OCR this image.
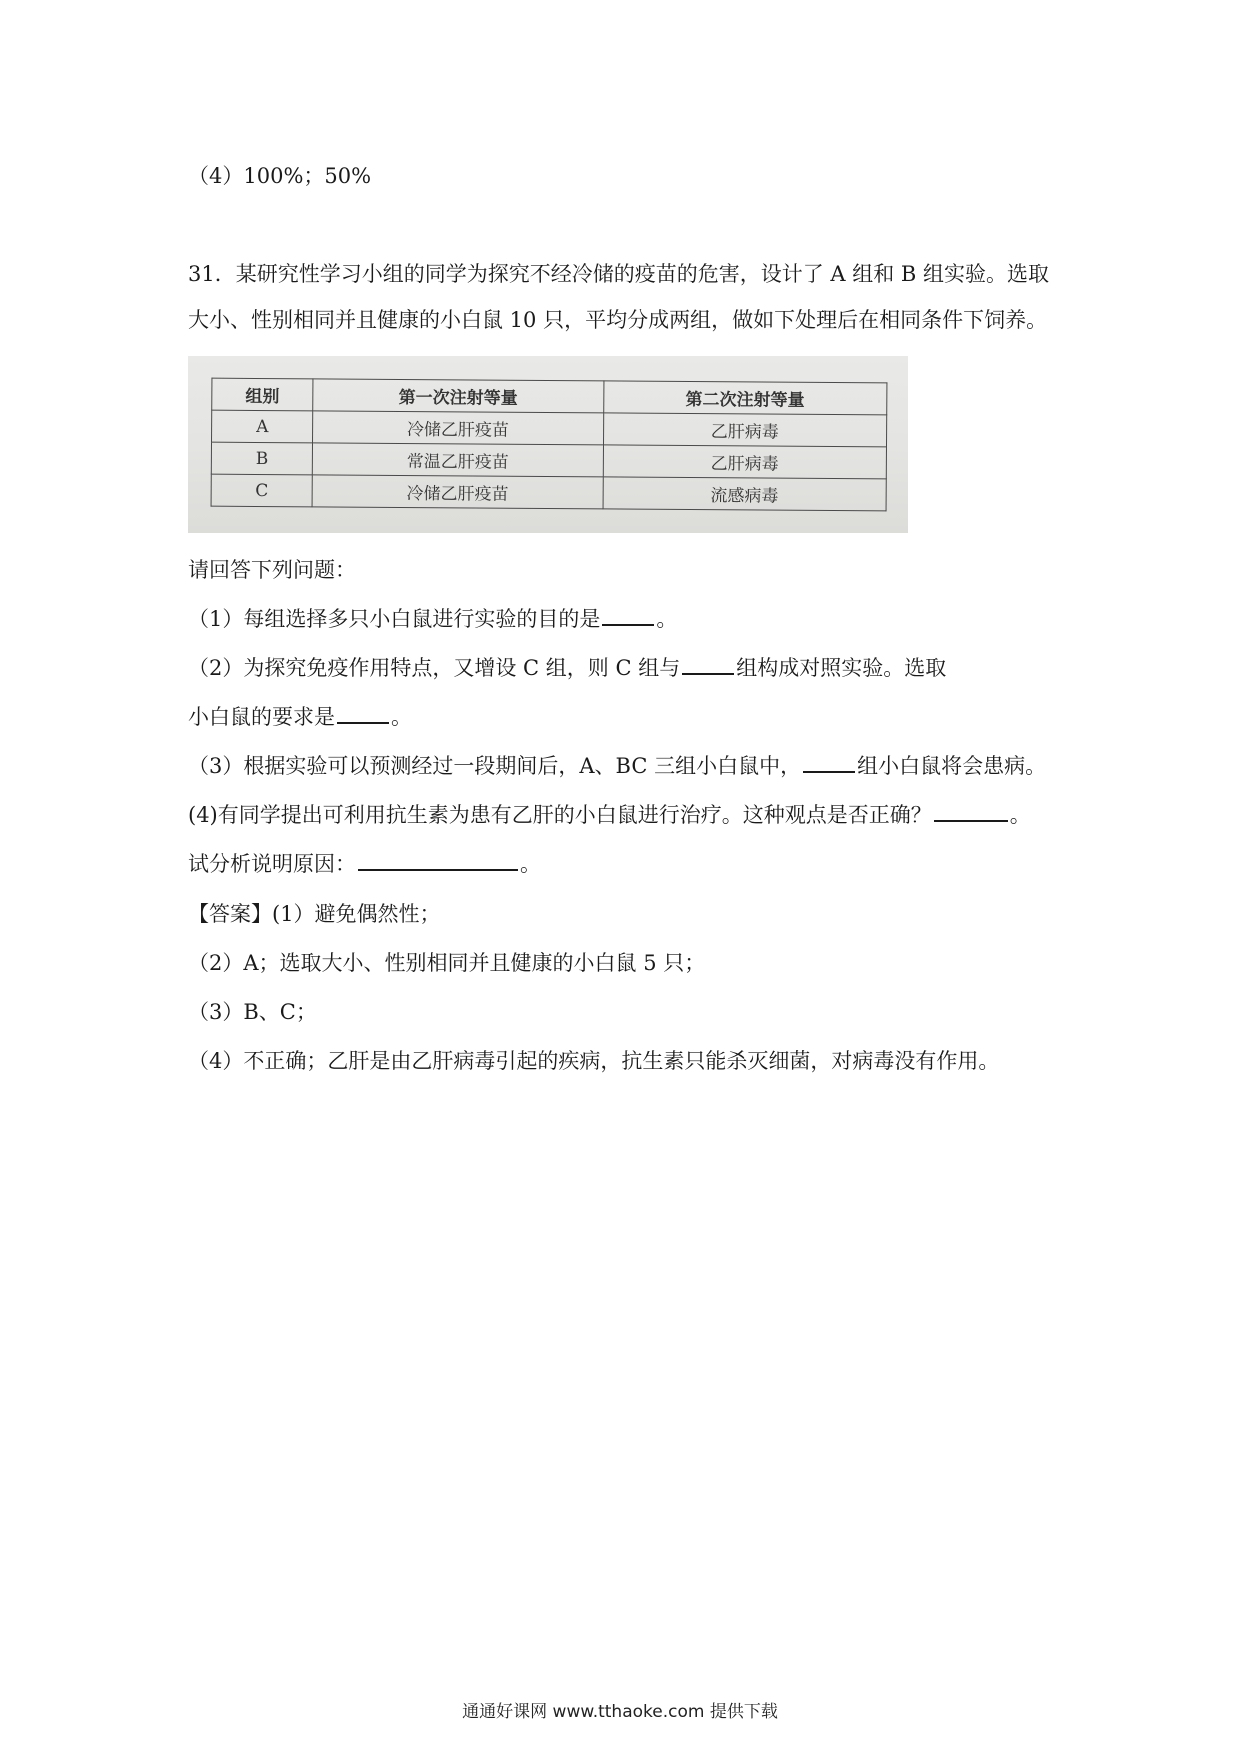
（4）100%；50%
31．某研究性学习小组的同学为探究不经冷储的疫苗的危害，设计了 A 组和 B 组实验。选取
大小、性别相同并且健康的小白鼠 10 只，平均分成两组，做如下处理后在相同条件下饲养。
组别	第一次注射等量	第二次注射等量
A	冷储乙肝疫苗	乙肝病毒
B	常温乙肝疫苗	乙肝病毒
C	冷储乙肝疫苗	流感病毒
请回答下列问题：
（1）每组选择多只小白鼠进行实验的目的是	。
（2）为探究免疫作用特点，又增设 C 组，则 C 组与	组构成对照实验。选取
小白鼠的要求是	。
（3）根据实验可以预测经过一段期间后，A、BC 三组小白鼠中，	组小白鼠将会患病。
(4)有同学提出可利用抗生素为患有乙肝的小白鼠进行治疗。这种观点是否正确？	。
试分析说明原因：	。
【答案】(1）避免偶然性；
（2）A；选取大小、性别相同并且健康的小白鼠 5 只；
（3）B、C；
（4）不正确；乙肝是由乙肝病毒引起的疾病，抗生素只能杀灭细菌，对病毒没有作用。
通通好课网 www.tthaoke.com 提供下载
